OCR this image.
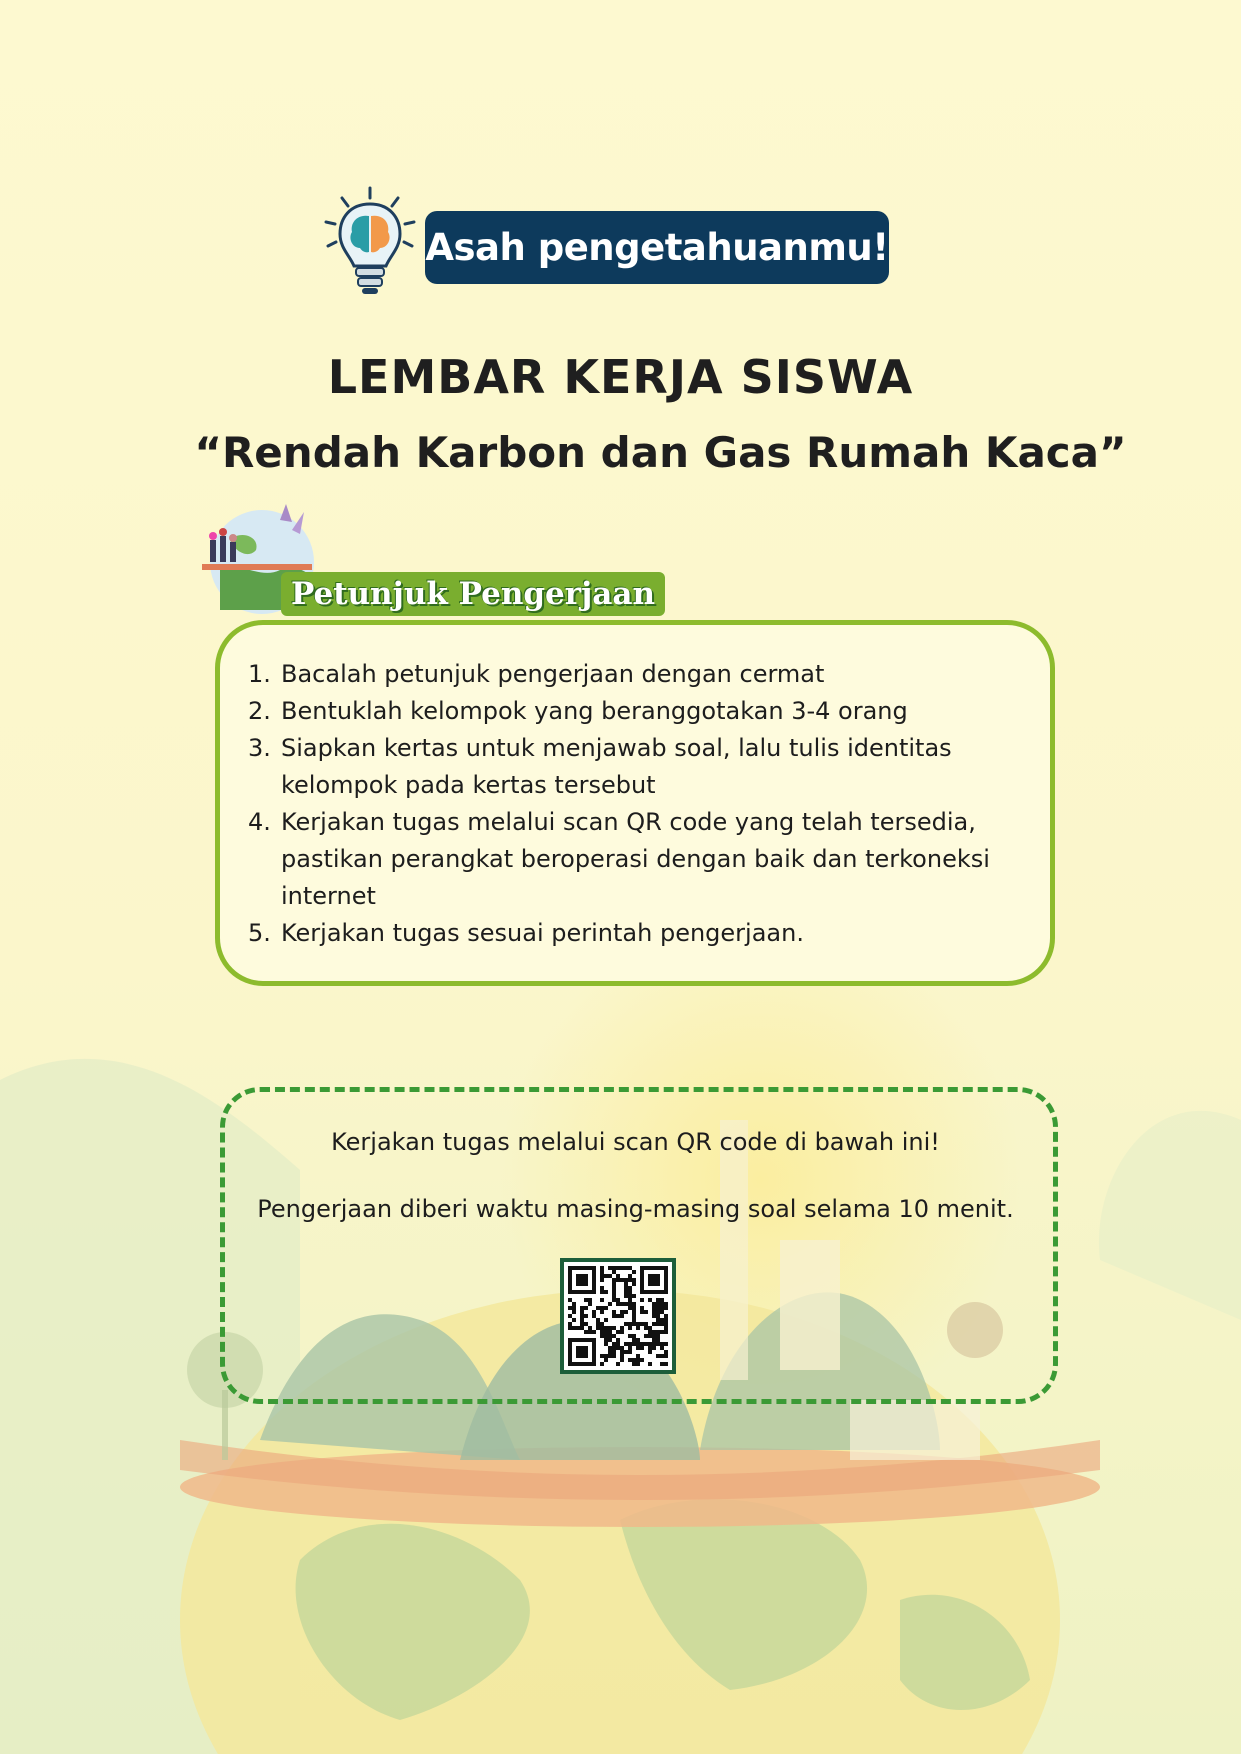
Asah pengetahuanmu!
LEMBAR KERJA SISWA
“Rendah Karbon dan Gas Rumah Kaca”
Petunjuk Pengerjaan
1. Bacalah petunjuk pengerjaan dengan cermat
2. Bentuklah kelompok yang beranggotakan 3-4 orang
3. Siapkan kertas untuk menjawab soal, lalu tulis identitas kelompok pada kertas tersebut
4. Kerjakan tugas melalui scan QR code yang telah tersedia, pastikan perangkat beroperasi dengan baik dan terkoneksi internet
5. Kerjakan tugas sesuai perintah pengerjaan.
Kerjakan tugas melalui scan QR code di bawah ini!
Pengerjaan diberi waktu masing-masing soal selama 10 menit.
